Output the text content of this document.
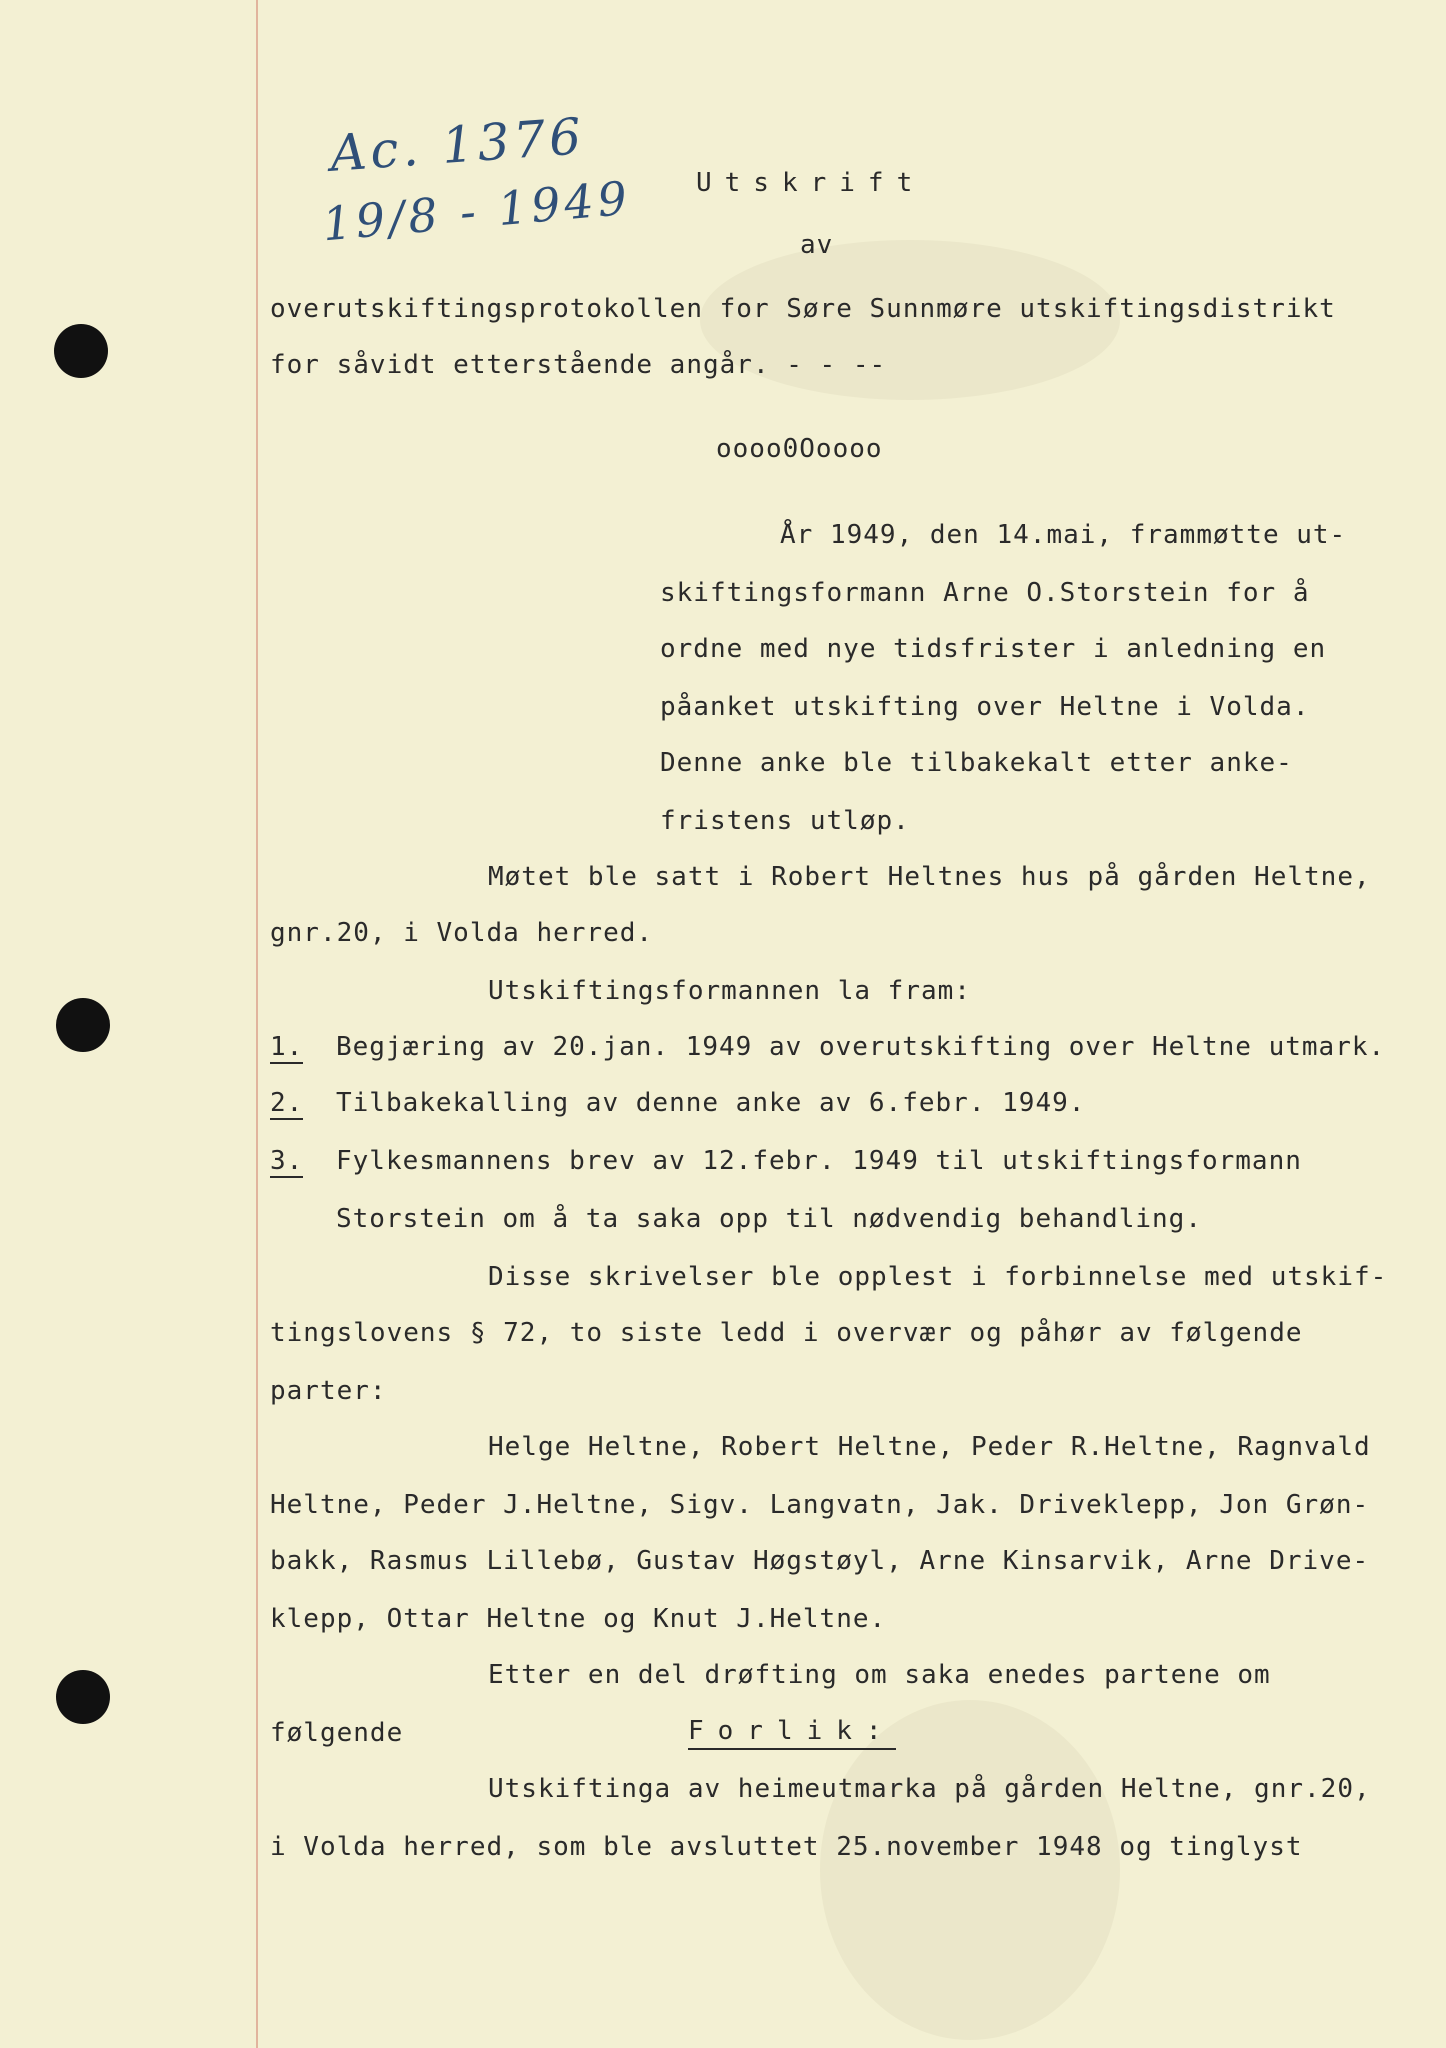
Ac. 1376
19/8 - 1949 Utskrift
av
overutskiftingsprotokollen for Søre Sunnmøre utskiftingsdistrikt
for såvidt etterstående angår. - - --
oooo0Ooooo
År 1949, den 14.mai, frammøtte ut-
skiftingsformann Arne O.Storstein for å
ordne med nye tidsfrister i anledning en
påanket utskifting over Heltne i Volda.
Denne anke ble tilbakekalt etter anke-
fristens utløp.
Møtet ble satt i Robert Heltnes hus på gården Heltne,
gnr.20, i Volda herred.
Utskiftingsformannen la fram:
1. Begjæring av 20.jan. 1949 av overutskifting over Heltne utmark.
2. Tilbakekalling av denne anke av 6.febr. 1949.
3. Fylkesmannens brev av 12.febr. 1949 til utskiftingsformann
Storstein om å ta saka opp til nødvendig behandling.
Disse skrivelser ble opplest i forbinnelse med utskif-
tingslovens § 72, to siste ledd i overvær og påhør av følgende
parter:
Helge Heltne, Robert Heltne, Peder R.Heltne, Ragnvald
Heltne, Peder J.Heltne, Sigv. Langvatn, Jak. Driveklepp, Jon Grøn-
bakk, Rasmus Lillebø, Gustav Høgstøyl, Arne Kinsarvik, Arne Drive-
klepp, Ottar Heltne og Knut J.Heltne.
Etter en del drøfting om saka enedes partene om
følgende	Forlik:
Utskiftinga av heimeutmarka på gården Heltne, gnr.20,
i Volda herred, som ble avsluttet 25.november 1948 og tinglyst
